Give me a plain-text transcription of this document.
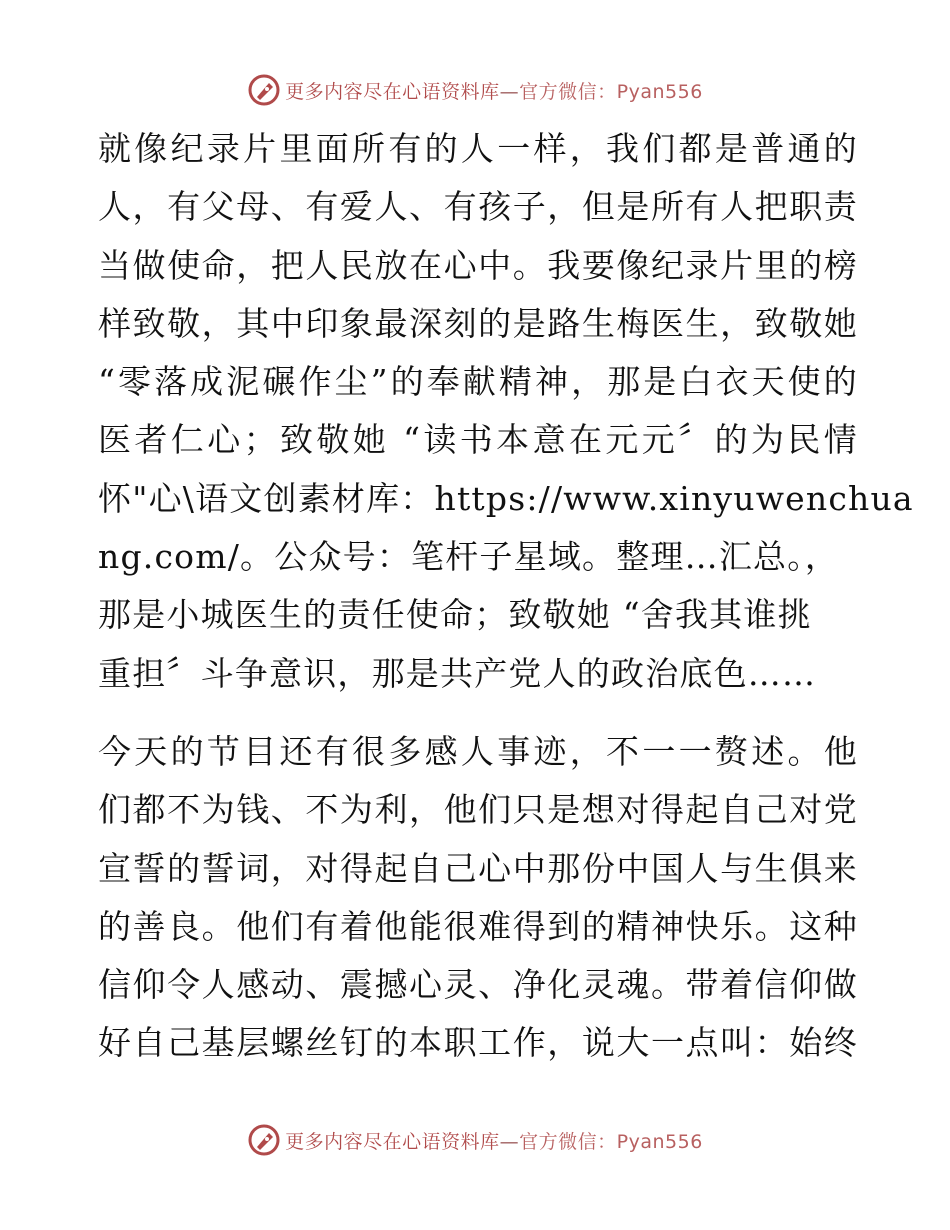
更多内容尽在心语资料库—官方微信：Pyan556
就像纪录片里面所有的人一样，我们都是普通的
人，有父母、有爱人、有孩子，但是所有人把职责
当做使命，把人民放在心中。我要像纪录片里的榜
样致敬，其中印象最深刻的是路生梅医生，致敬她
“零落成泥碾作尘”的奉献精神，那是白衣天使的
医者仁心；致敬她 “读书本意在元元〞的为民情
怀"心\语文创素材库：https://www.xinyuwenchua
ng.com/。公众号：笔杆子星域。整理…汇总。，
那是小城医生的责任使命；致敬她 “舍我其谁挑
重担〞斗争意识，那是共产党人的政治底色……
今天的节目还有很多感人事迹，不一一赘述。他
们都不为钱、不为利，他们只是想对得起自己对党
宣誓的誓词，对得起自己心中那份中国人与生俱来
的善良。他们有着他能很难得到的精神快乐。这种
信仰令人感动、震撼心灵、净化灵魂。带着信仰做
好自己基层螺丝钉的本职工作，说大一点叫：始终
更多内容尽在心语资料库—官方微信：Pyan556
